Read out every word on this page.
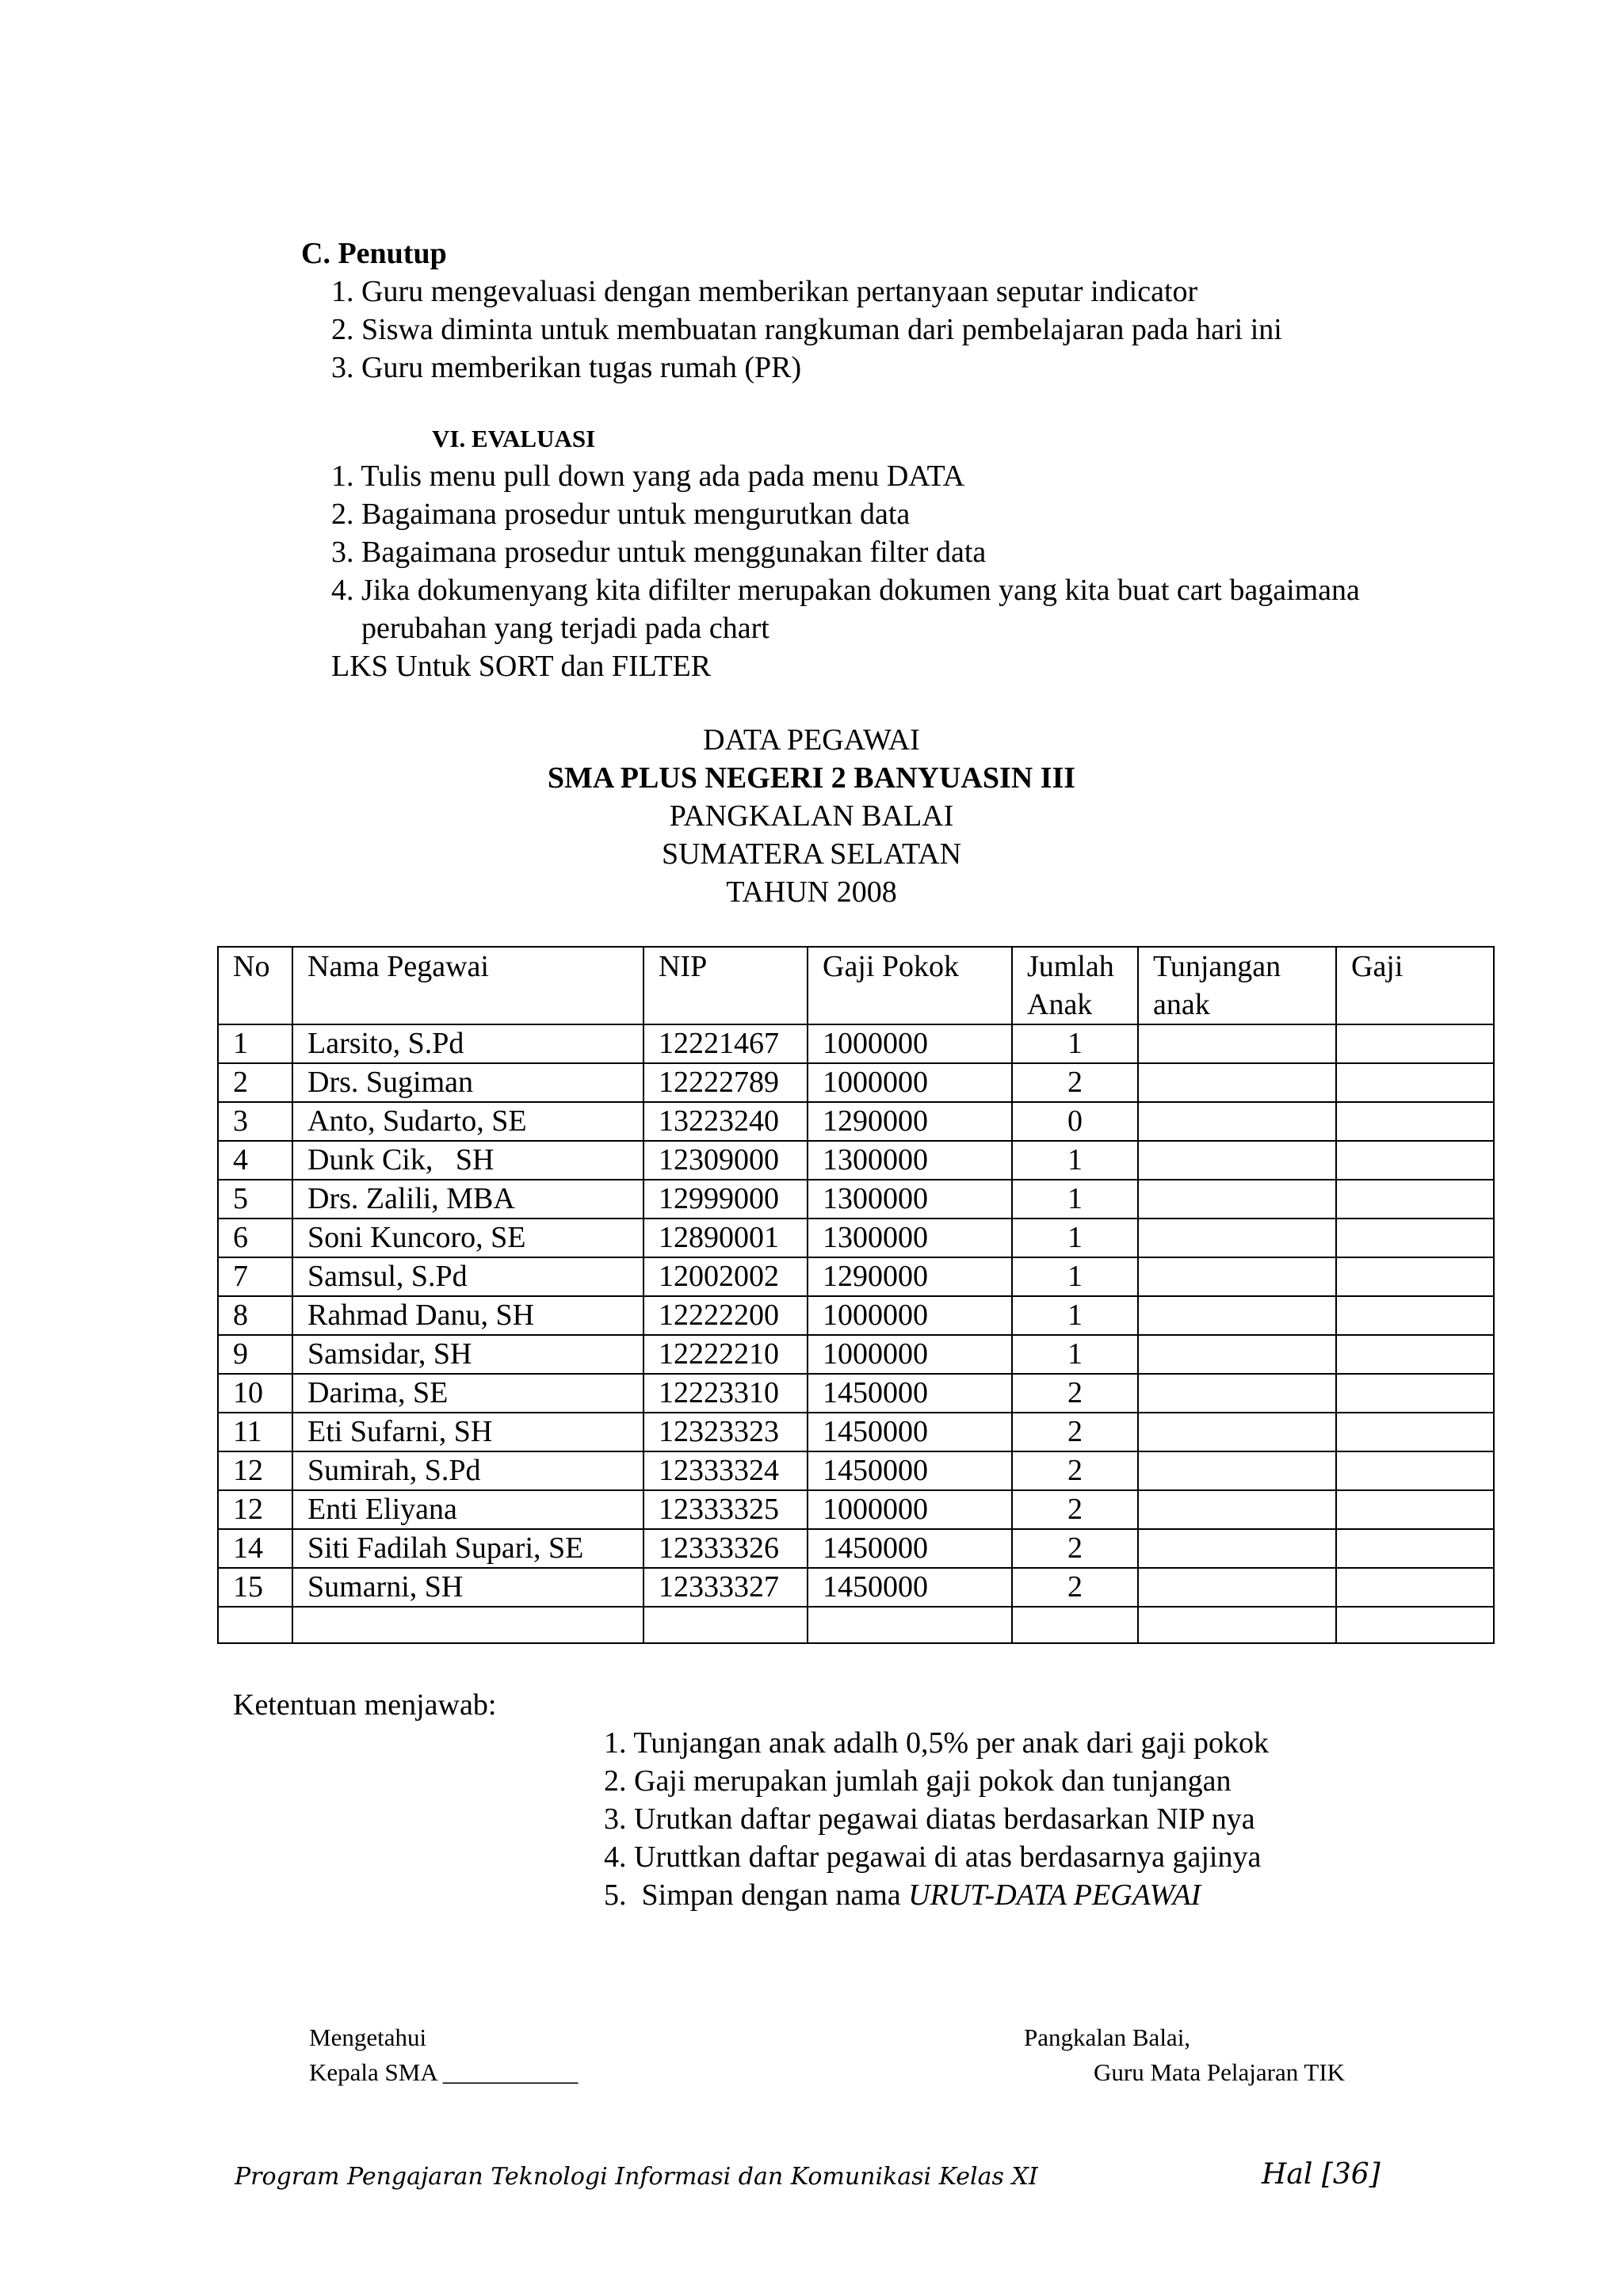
C. Penutup
1. Guru mengevaluasi dengan memberikan pertanyaan seputar indicator
2. Siswa diminta untuk membuatan rangkuman dari pembelajaran pada hari ini
3. Guru memberikan tugas rumah (PR)
VI. EVALUASI
1. Tulis menu pull down yang ada pada menu DATA
2. Bagaimana prosedur untuk mengurutkan data
3. Bagaimana prosedur untuk menggunakan filter data
4. Jika dokumenyang kita difilter merupakan dokumen yang kita buat cart bagaimana
perubahan yang terjadi pada chart
LKS Untuk SORT dan FILTER
DATA PEGAWAI
SMA PLUS NEGERI 2 BANYUASIN III
PANGKALAN BALAI
SUMATERA SELATAN
TAHUN 2008
No	Nama Pegawai	NIP	Gaji Pokok	Jumlah Anak	Tunjangan anak	Gaji
1	Larsito, S.Pd	12221467	1000000	1		
2	Drs. Sugiman	12222789	1000000	2		
3	Anto, Sudarto, SE	13223240	1290000	0		
4	Dunk Cik,   SH	12309000	1300000	1		
5	Drs. Zalili, MBA	12999000	1300000	1		
6	Soni Kuncoro, SE	12890001	1300000	1		
7	Samsul, S.Pd	12002002	1290000	1		
8	Rahmad Danu, SH	12222200	1000000	1		
9	Samsidar, SH	12222210	1000000	1		
10	Darima, SE	12223310	1450000	2		
11	Eti Sufarni, SH	12323323	1450000	2		
12	Sumirah, S.Pd	12333324	1450000	2		
12	Enti Eliyana	12333325	1000000	2		
14	Siti Fadilah Supari, SE	12333326	1450000	2		
15	Sumarni, SH	12333327	1450000	2		

Ketentuan menjawab:
1. Tunjangan anak adalh 0,5% per anak dari gaji pokok
2. Gaji merupakan jumlah gaji pokok dan tunjangan
3. Urutkan daftar pegawai diatas berdasarkan NIP nya
4. Uruttkan daftar pegawai di atas berdasarnya gajinya
5.  Simpan dengan nama URUT-DATA PEGAWAI
Mengetahui
Kepala SMA ___________
Pangkalan Balai,
Guru Mata Pelajaran TIK
Program Pengajaran Teknologi Informasi dan Komunikasi Kelas XI	Hal [36]
